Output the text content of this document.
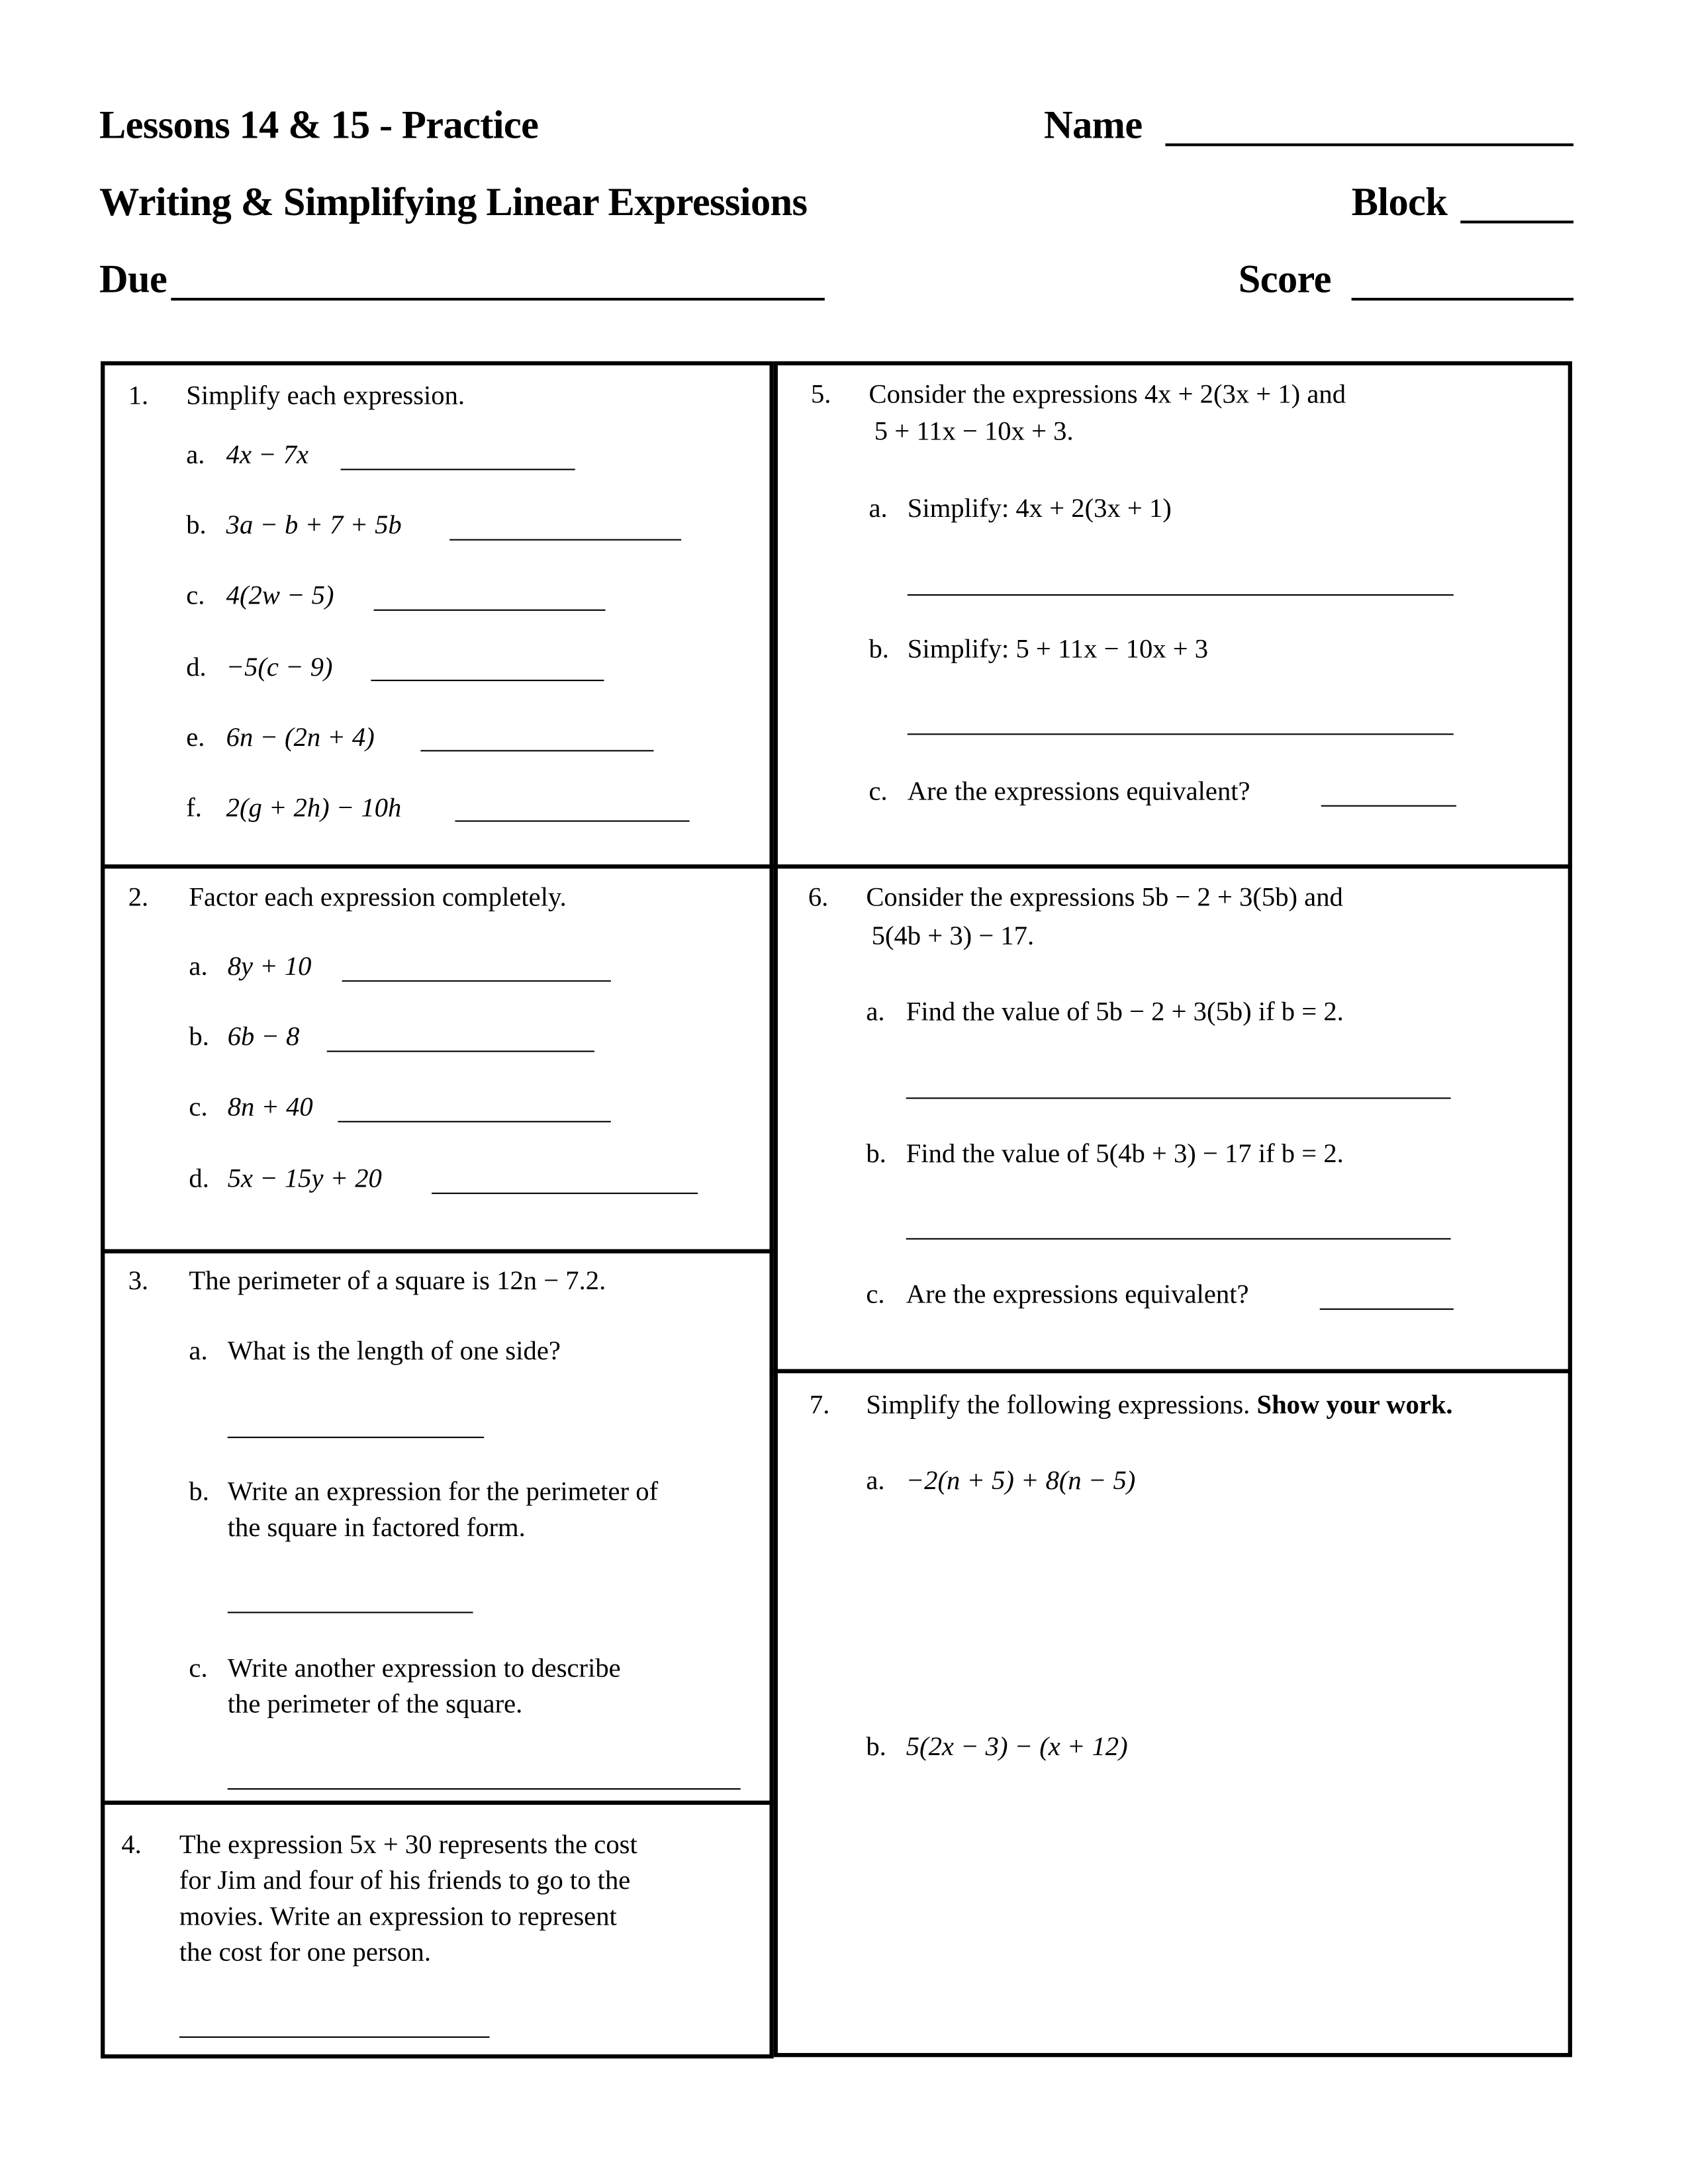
Lessons 14 & 15 - Practice
Writing & Simplifying Linear Expressions
Due
Name
Block
Score
1.	Simplify each expression.
a. 4x − 7x
b. 3a − b + 7 + 5b
c. 4(2w − 5)
d. −5(c − 9)
e. 6n − (2n + 4)
f. 2(g + 2h) − 10h
2.	Factor each expression completely.
a. 8y + 10
b. 6b − 8
c. 8n + 40
d. 5x − 15y + 20
3.	The perimeter of a square is 12n − 7.2.
a. What is the length of one side?
b. Write an expression for the perimeter of
the square in factored form.
c. Write another expression to describe
the perimeter of the square.
4.	The expression 5x + 30 represents the cost
for Jim and four of his friends to go to the
movies. Write an expression to represent
the cost for one person.
5.	Consider the expressions 4x + 2(3x + 1) and
5 + 11x − 10x + 3.
a. Simplify: 4x + 2(3x + 1)
b. Simplify: 5 + 11x − 10x + 3
c. Are the expressions equivalent?
6.	Consider the expressions 5b − 2 + 3(5b) and
5(4b + 3) − 17.
a. Find the value of 5b − 2 + 3(5b) if b = 2.
b. Find the value of 5(4b + 3) − 17 if b = 2.
c. Are the expressions equivalent?
7.	Simplify the following expressions. Show your work.
a. −2(n + 5) + 8(n − 5)
b. 5(2x − 3) − (x + 12)
